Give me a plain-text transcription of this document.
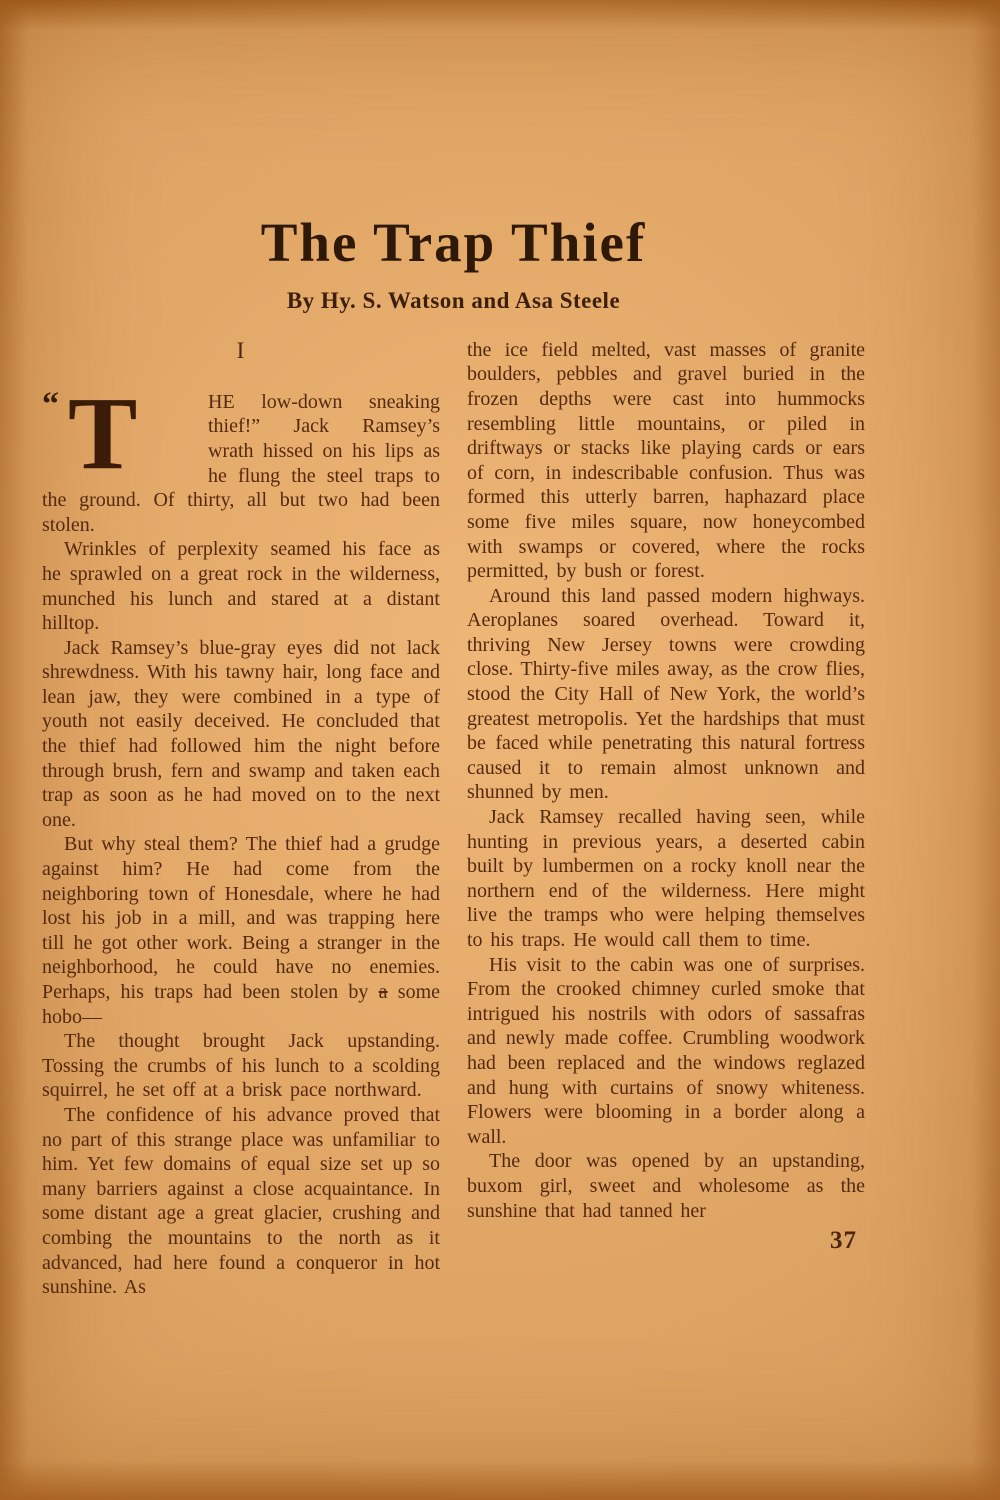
The Trap Thief
By Hy. S. Watson and Asa Steele
I

“ T	HE low-down sneaking thief!” Jack Ramsey’s wrath hissed on his lips as he flung the steel traps to the ground. Of thirty, all but two had been stolen.

Wrinkles of perplexity seamed his face as he sprawled on a great rock in the wilderness, munched his lunch and stared at a distant hilltop.

Jack Ramsey’s blue-gray eyes did not lack shrewdness. With his tawny hair, long face and lean jaw, they were combined in a type of youth not easily deceived. He concluded that the thief had followed him the night before through brush, fern and swamp and taken each trap as soon as he had moved on to the next one.

But why steal them? The thief had a grudge against him? He had come from the neighboring town of Honesdale, where he had lost his job in a mill, and was trapping here till he got other work. Being a stranger in the neighborhood, he could have no enemies. Perhaps, his traps had been stolen by a some hobo—

The thought brought Jack upstanding. Tossing the crumbs of his lunch to a scolding squirrel, he set off at a brisk pace northward.

The confidence of his advance proved that no part of this strange place was unfamiliar to him. Yet few domains of equal size set up so many barriers against a close acquaintance. In some distant age a great glacier, crushing and combing the mountains to the north as it advanced, had here found a conqueror in hot sunshine. As

the ice field melted, vast masses of granite boulders, pebbles and gravel buried in the frozen depths were cast into hummocks resembling little mountains, or piled in driftways or stacks like playing cards or ears of corn, in indescribable confusion. Thus was formed this utterly barren, haphazard place some five miles square, now honeycombed with swamps or covered, where the rocks permitted, by bush or forest.

Around this land passed modern highways. Aeroplanes soared overhead. Toward it, thriving New Jersey towns were crowding close. Thirty-five miles away, as the crow flies, stood the City Hall of New York, the world’s greatest metropolis. Yet the hardships that must be faced while penetrating this natural fortress caused it to remain almost unknown and shunned by men.

Jack Ramsey recalled having seen, while hunting in previous years, a deserted cabin built by lumbermen on a rocky knoll near the northern end of the wilderness. Here might live the tramps who were helping themselves to his traps. He would call them to time.

His visit to the cabin was one of surprises. From the crooked chimney curled smoke that intrigued his nostrils with odors of sassafras and newly made coffee. Crumbling woodwork had been replaced and the windows reglazed and hung with curtains of snowy whiteness. Flowers were blooming in a border along a wall.

The door was opened by an upstanding, buxom girl, sweet and wholesome as the sunshine that had tanned her

37
